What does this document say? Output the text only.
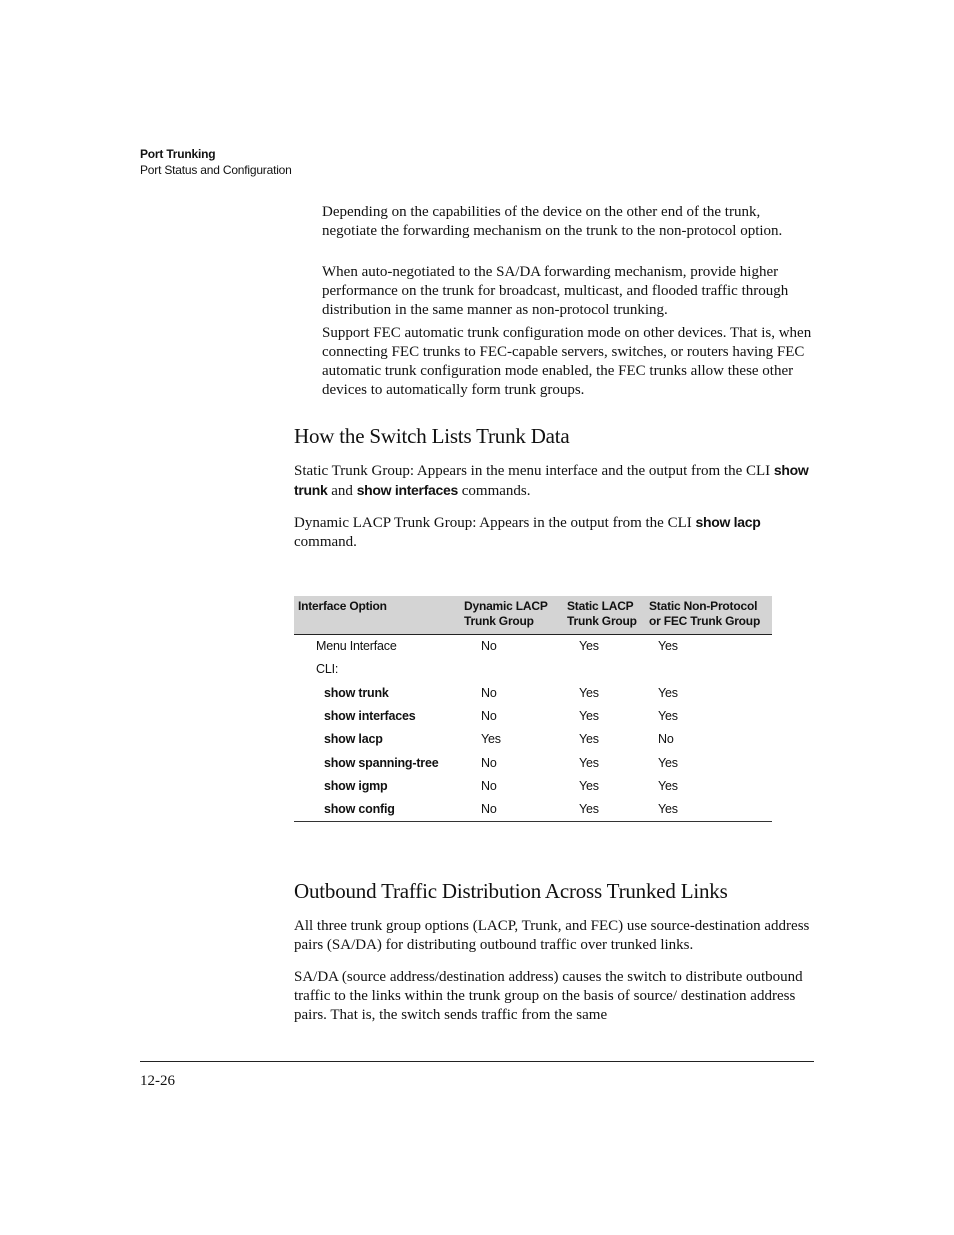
Port Trunking
Port Status and Configuration

Depending on the capabilities of the device on the other end of the trunk, negotiate the forwarding mechanism on the trunk to the non-protocol option.

When auto-negotiated to the SA/DA forwarding mechanism, provide higher performance on the trunk for broadcast, multicast, and flooded traffic through distribution in the same manner as non-protocol trunking.

Support FEC automatic trunk configuration mode on other devices. That is, when connecting FEC trunks to FEC-capable servers, switches, or routers having FEC automatic trunk configuration mode enabled, the FEC trunks allow these other devices to automatically form trunk groups.

How the Switch Lists Trunk Data

Static Trunk Group: Appears in the menu interface and the output from the CLI show trunk and show interfaces commands.

Dynamic LACP Trunk Group: Appears in the output from the CLI show lacp command.

Interface Option	Dynamic LACP Trunk Group	Static LACP Trunk Group	Static Non-Protocol or FEC Trunk Group
Menu Interface	No	Yes	Yes
CLI:			
show trunk	No	Yes	Yes
show interfaces	No	Yes	Yes
show lacp	Yes	Yes	No
show spanning-tree	No	Yes	Yes
show igmp	No	Yes	Yes
show config	No	Yes	Yes
Outbound Traffic Distribution Across Trunked Links

All three trunk group options (LACP, Trunk, and FEC) use source-destination address pairs (SA/DA) for distributing outbound traffic over trunked links.

SA/DA (source address/destination address) causes the switch to distribute outbound traffic to the links within the trunk group on the basis of source/ destination address pairs. That is, the switch sends traffic from the same

12-26
